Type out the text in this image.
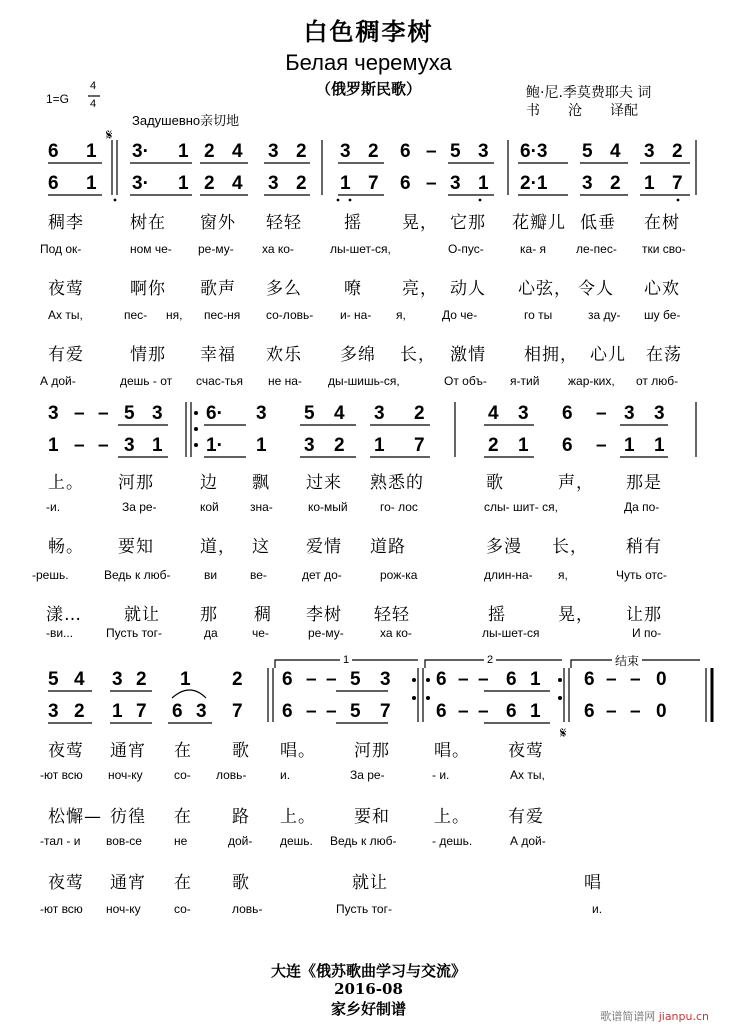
白色稠李树
Белая черемуха
（俄罗斯民歌）	鲍·尼.季莫费耶夫 词
书　　沧　　译配
1=G
4
4
Задушевно亲切地
𝄋
𝄋
6 1 3· 1 2 4 3 2 3 2 6 – 5 3 6·3 5 4 3 2
6 1 3· 1 2 4 3 2 1 7 6 – 3 1 2·1 3 2 1 7
稠李	树在 窗外 轻轻 摇 晃， 它那 花瓣儿 低垂 在树
Под ок-	ном че- ре-му- ха ко-	лы-шет-ся,	О-пус-	ка- я ле-пес- тки сво-
夜莺	啊你 歌声 多么 嘹 亮， 动人 心弦， 令人 心欢
Ах ты,	пес- ня, пес-ня со-ловь- и- на- я,	До че-	го ты	за ду- шу бе-
有爱	情那 幸福 欢乐 多绵 长， 激情 相拥， 心儿 在荡
А дой-	дешь - от счас-тья не на- ды-шишь-ся,	От объ- я-тий жар-ких, от люб-
3 – – 5 3 6· 3 5 4 3 2	4 3 6 – 3 3
1 – – 3 1 1· 1 3 2 1 7	2 1 6 – 1 1
上。 河那	边 飘 过来 熟悉的	歌	声， 那是
-и.	За ре-	кой	зна-	ко-мый	го- лос	слы- шит- ся,	Да по-
畅。 要知	道， 这 爱情 道路	多漫 长， 稍有
-решь.	Ведь к люб-	ви	ве-	дет до-	рож-ка	длин-на- я,	Чуть отс-
漾… 就让 那 稠 李树 轻轻	摇	晃， 让那
-ви...	Пусть тог-	да	че-	ре-му-	ха ко-	лы-шет-ся	И по-
1	2	结束
5 4 3 2 1 2 6 – – 5 3 6 – – 6 1 6 – – 0
3 2 1 7 6 3 7 6 – – 5 7 6 – – 6 1 6 – – 0
夜莺 通宵 在 歌 唱。 河那	唱。 夜莺
-ют всю ноч-ку	со- ловь-	и.	За ре-	- и.	Ах ты,
松懈— 彷徨 在 路 上。 要和	上。 有爱
-тал - и вов-се	не	дой- дешь. Ведь к люб-	- дешь.	А дой-
夜莺 通宵 在 歌	就让	唱
-ют всю ноч-ку	со-	ловь-	Пусть тог-	и.
大连《俄苏歌曲学习与交流》
2016-08
家乡好制谱	歌谱简谱网 jianpu.cn
